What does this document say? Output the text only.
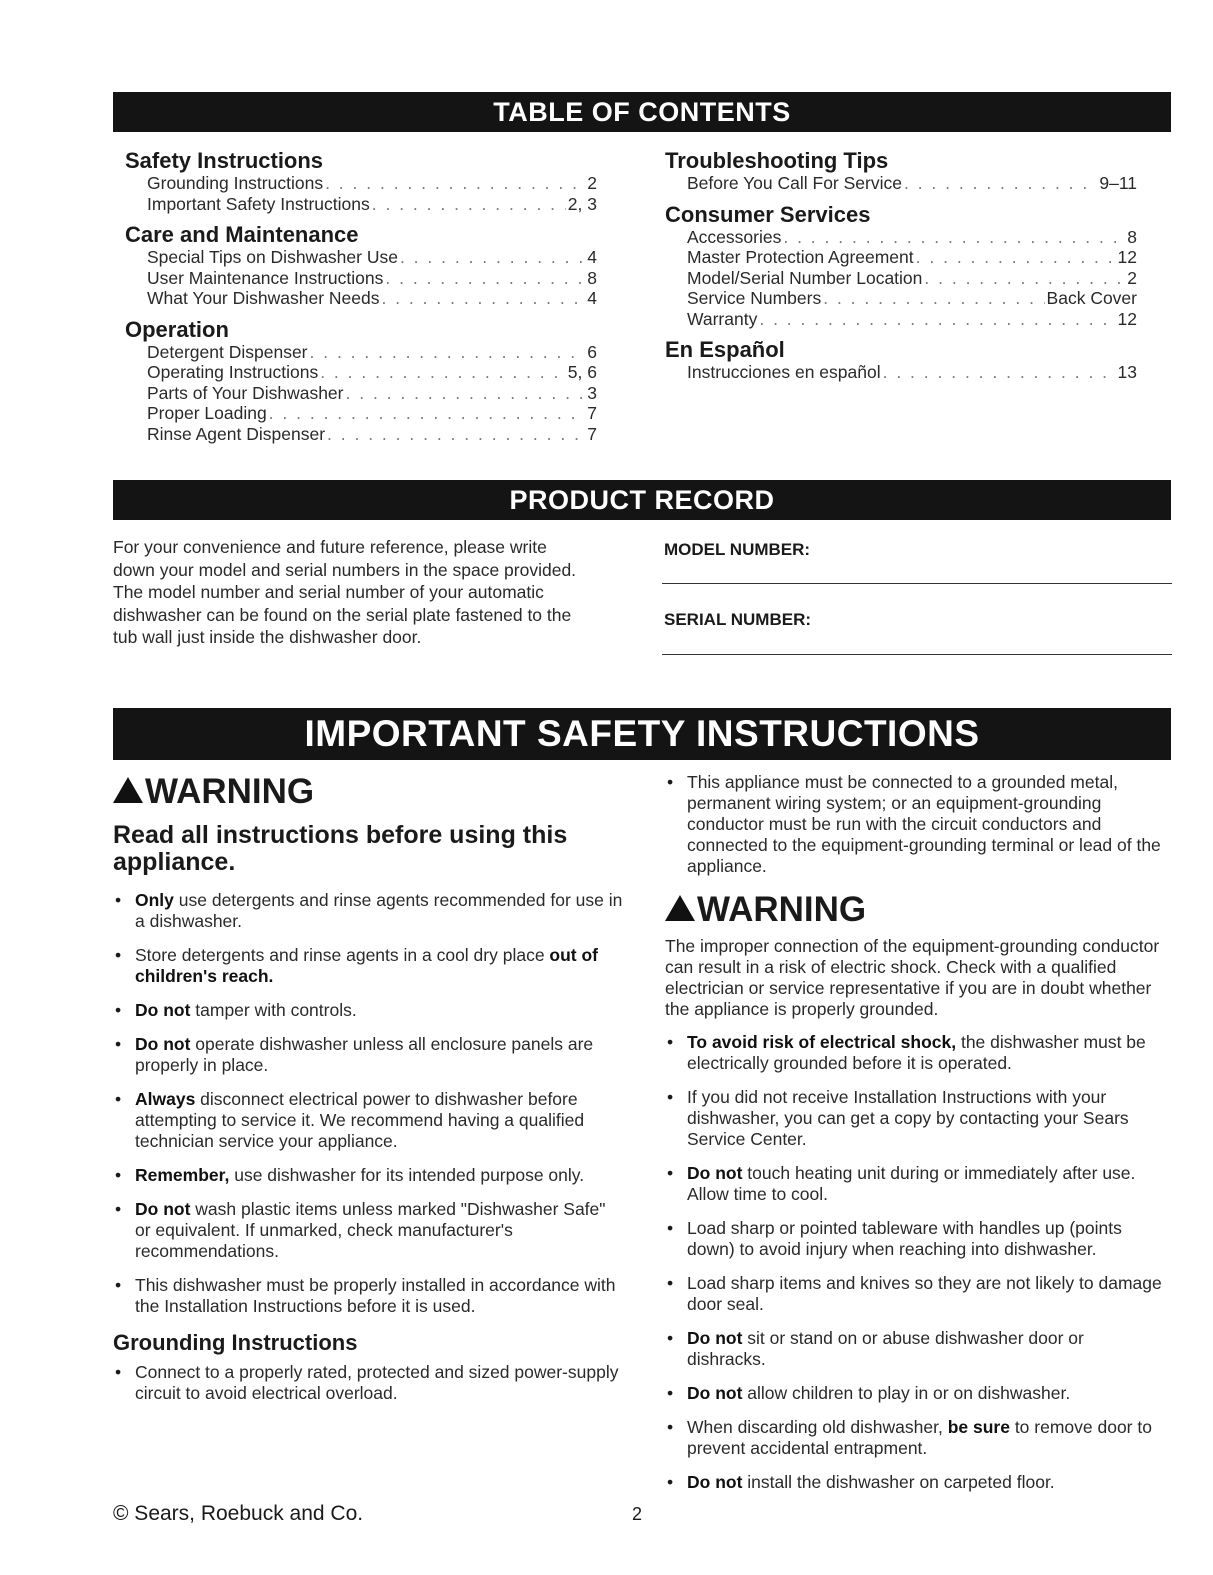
TABLE OF CONTENTS
Safety Instructions
Grounding Instructions . . .	2
Important Safety Instructions . . .	2, 3
Care and Maintenance
Special Tips on Dishwasher Use . . .	4
User Maintenance Instructions . . .	8
What Your Dishwasher Needs . . .	4
Operation
Detergent Dispenser . . .	6
Operating Instructions . . .	5, 6
Parts of Your Dishwasher . . .	3
Proper Loading . . .	7
Rinse Agent Dispenser . . .	7
Troubleshooting Tips
Before You Call For Service . . .	9–11
Consumer Services
Accessories . . .	8
Master Protection Agreement . . .	12
Model/Serial Number Location . . .	2
Service Numbers . . .	Back Cover
Warranty . . .	12
En Español
Instrucciones en español . . .	13
PRODUCT RECORD
For your convenience and future reference, please write down your model and serial numbers in the space provided. The model number and serial number of your automatic dishwasher can be found on the serial plate fastened to the tub wall just inside the dishwasher door.
MODEL NUMBER:
SERIAL NUMBER:
IMPORTANT SAFETY INSTRUCTIONS
WARNING
Read all instructions before using this appliance.
• Only use detergents and rinse agents recommended for use in a dishwasher.
• Store detergents and rinse agents in a cool dry place out of children's reach.
• Do not tamper with controls.
• Do not operate dishwasher unless all enclosure panels are properly in place.
• Always disconnect electrical power to dishwasher before attempting to service it. We recommend having a qualified technician service your appliance.
• Remember, use dishwasher for its intended purpose only.
• Do not wash plastic items unless marked "Dishwasher Safe" or equivalent. If unmarked, check manufacturer's recommendations.
• This dishwasher must be properly installed in accordance with the Installation Instructions before it is used.
Grounding Instructions
• Connect to a properly rated, protected and sized power-supply circuit to avoid electrical overload.
• This appliance must be connected to a grounded metal, permanent wiring system; or an equipment-grounding conductor must be run with the circuit conductors and connected to the equipment-grounding terminal or lead of the appliance.
WARNING
The improper connection of the equipment-grounding conductor can result in a risk of electric shock. Check with a qualified electrician or service representative if you are in doubt whether the appliance is properly grounded.
• To avoid risk of electrical shock, the dishwasher must be electrically grounded before it is operated.
• If you did not receive Installation Instructions with your dishwasher, you can get a copy by contacting your Sears Service Center.
• Do not touch heating unit during or immediately after use. Allow time to cool.
• Load sharp or pointed tableware with handles up (points down) to avoid injury when reaching into dishwasher.
• Load sharp items and knives so they are not likely to damage door seal.
• Do not sit or stand on or abuse dishwasher door or dishracks.
• Do not allow children to play in or on dishwasher.
• When discarding old dishwasher, be sure to remove door to prevent accidental entrapment.
• Do not install the dishwasher on carpeted floor.
© Sears, Roebuck and Co.	2
